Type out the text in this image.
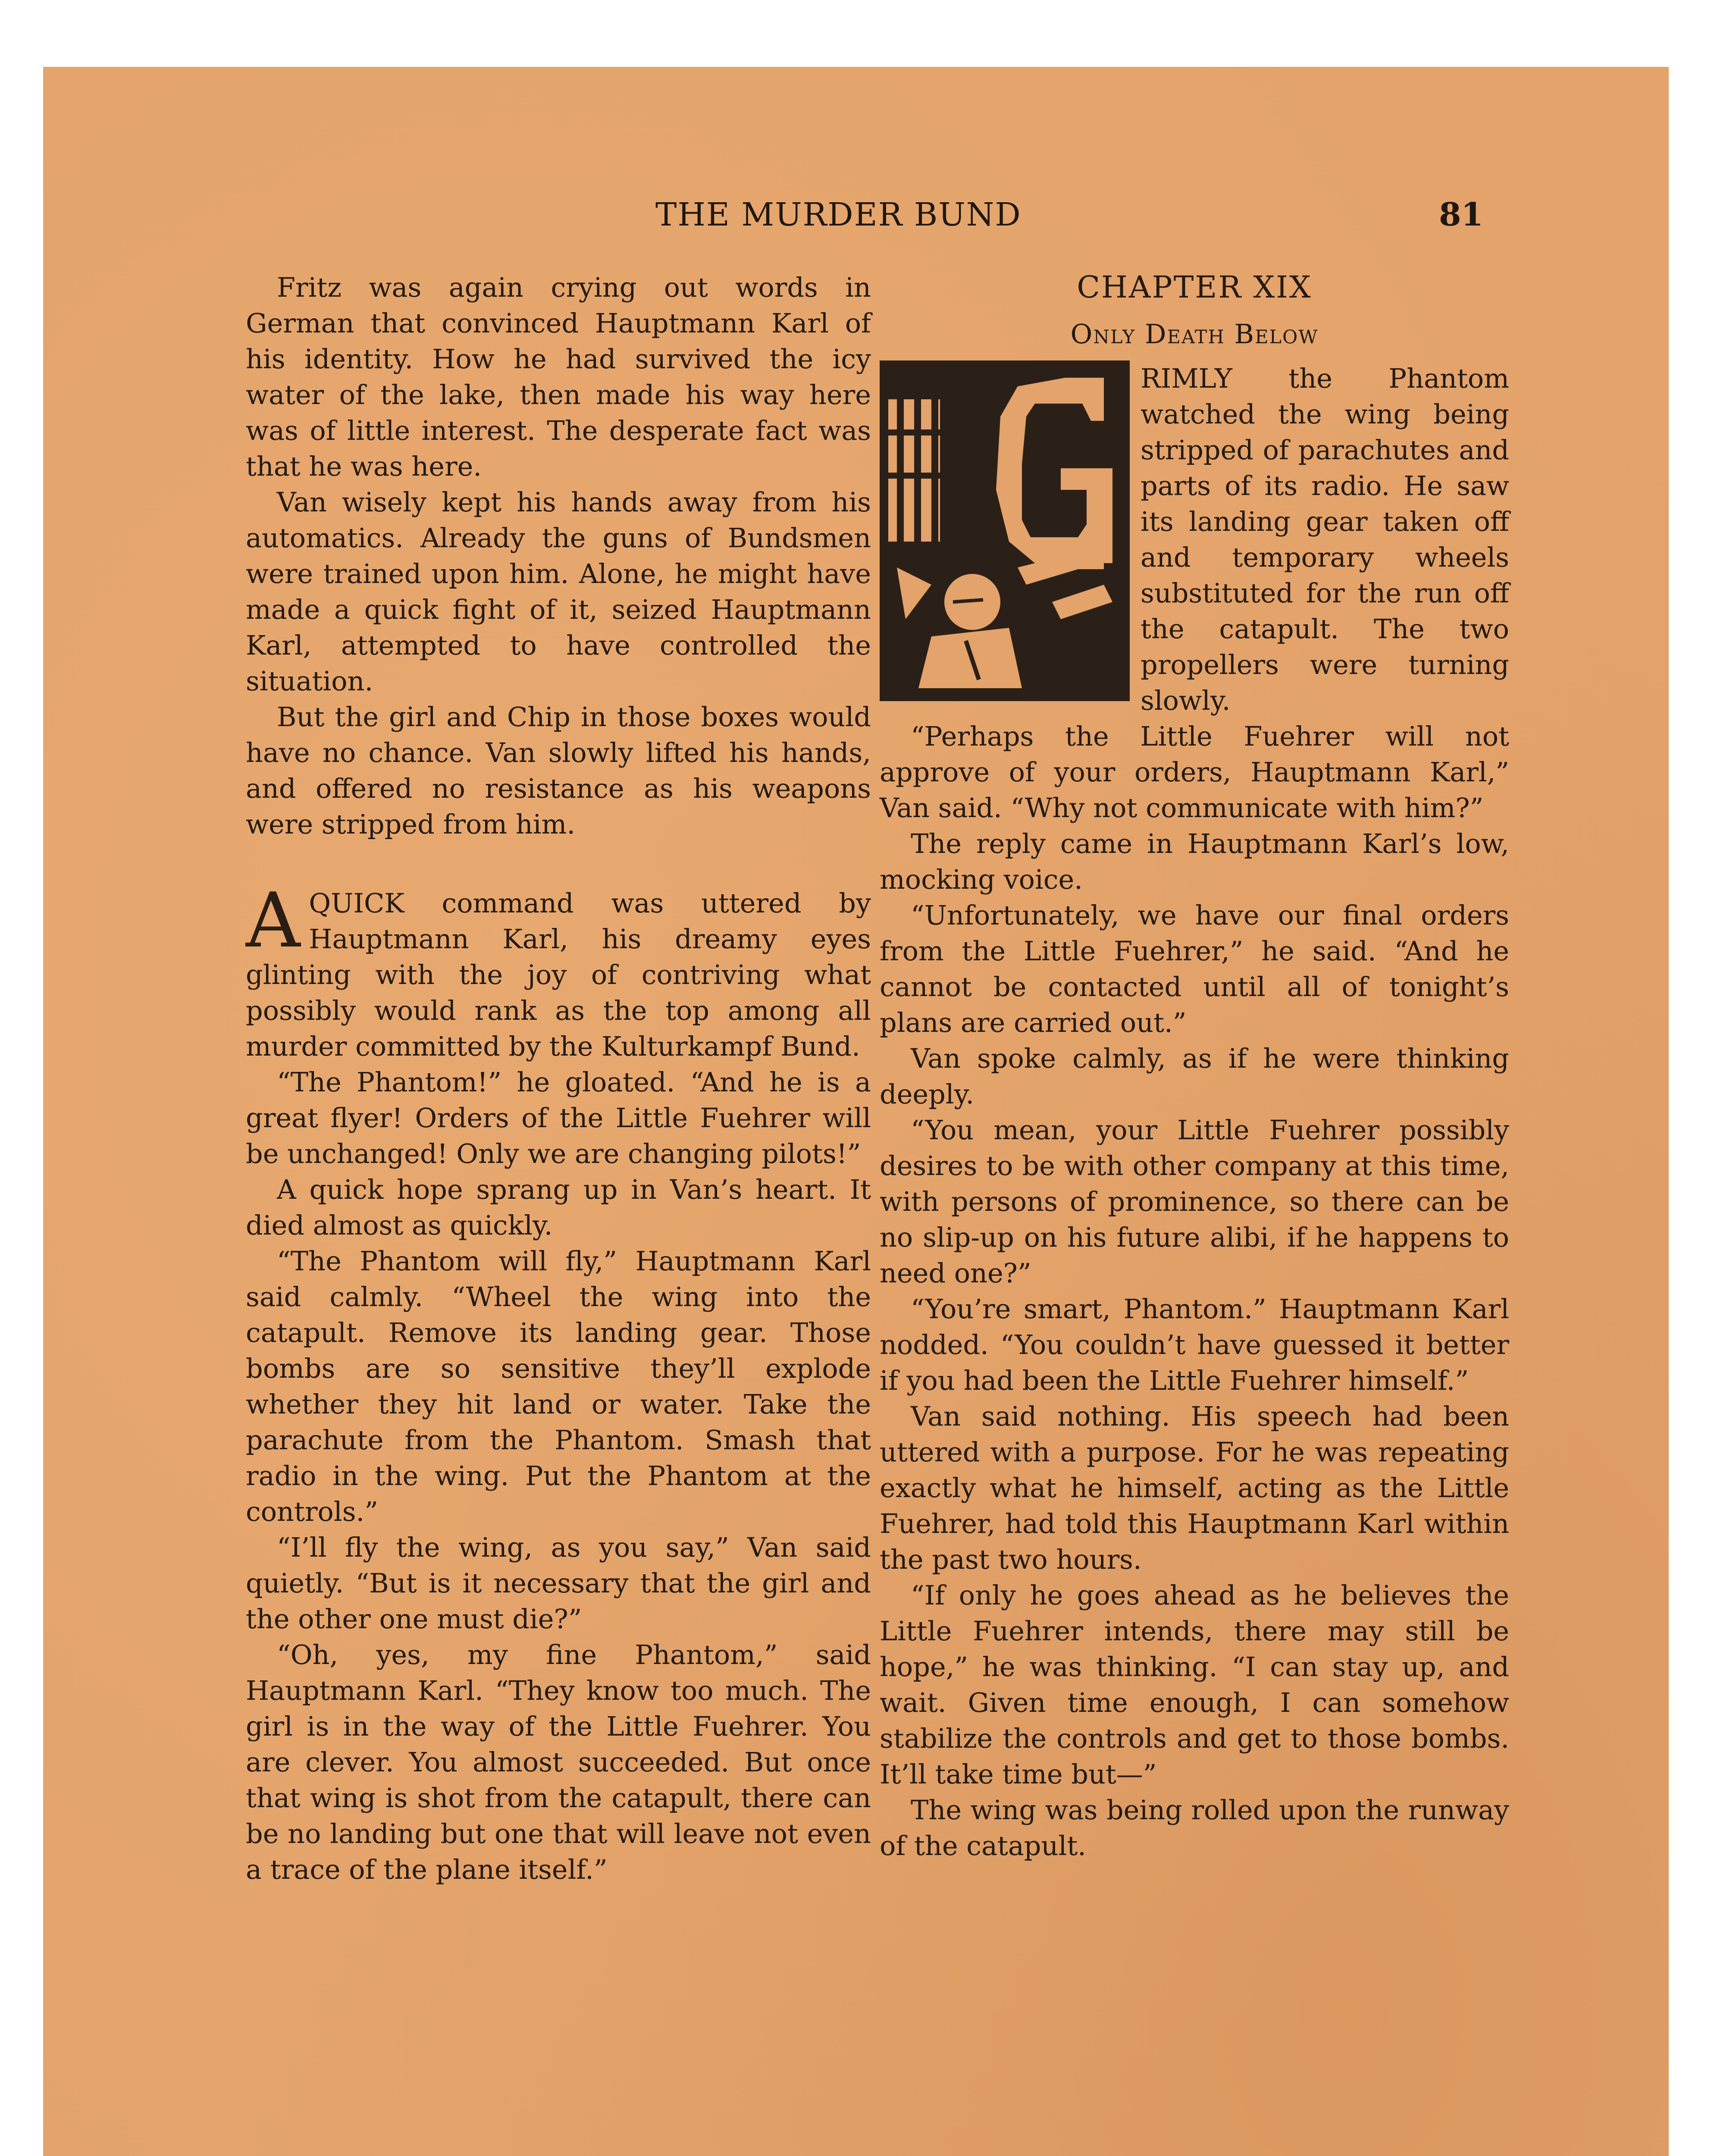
THE MURDER BUND	81

Fritz was again crying out words in German that convinced Hauptmann Karl of his identity. How he had survived the icy water of the lake, then made his way here was of little interest. The desperate fact was that he was here.

Van wisely kept his hands away from his automatics. Already the guns of Bundsmen were trained upon him. Alone, he might have made a quick fight of it, seized Hauptmann Karl, attempted to have controlled the situation.

But the girl and Chip in those boxes would have no chance. Van slowly lifted his hands, and offered no resistance as his weapons were stripped from him.

AQUICK command was uttered by Hauptmann Karl, his dreamy eyes glinting with the joy of contriving what possibly would rank as the top among all murder committed by the Kulturkampf Bund.

“The Phantom!” he gloated. “And he is a great flyer! Orders of the Little Fuehrer will be unchanged! Only we are changing pilots!”

A quick hope sprang up in Van’s heart. It died almost as quickly.

“The Phantom will fly,” Hauptmann Karl said calmly. “Wheel the wing into the catapult. Remove its landing gear. Those bombs are so sensitive they’ll explode whether they hit land or water. Take the parachute from the Phantom. Smash that radio in the wing. Put the Phantom at the controls.”

“I’ll fly the wing, as you say,” Van said quietly. “But is it necessary that the girl and the other one must die?”

“Oh, yes, my fine Phantom,” said Hauptmann Karl. “They know too much. The girl is in the way of the Little Fuehrer. You are clever. You almost succeeded. But once that wing is shot from the catapult, there can be no landing but one that will leave not even a trace of the plane itself.”

CHAPTER XIX
Only Death Below

RIMLY the Phantom watched the wing being stripped of parachutes and parts of its radio. He saw its landing gear taken off and temporary wheels substituted for the run off the catapult. The two propellers were turning slowly.

“Perhaps the Little Fuehrer will not approve of your orders, Hauptmann Karl,” Van said. “Why not communicate with him?”

The reply came in Hauptmann Karl’s low, mocking voice.

“Unfortunately, we have our final orders from the Little Fuehrer,” he said. “And he cannot be contacted until all of tonight’s plans are carried out.”

Van spoke calmly, as if he were thinking deeply.

“You mean, your Little Fuehrer possibly desires to be with other company at this time, with persons of prominence, so there can be no slip-up on his future alibi, if he happens to need one?”

“You’re smart, Phantom.” Hauptmann Karl nodded. “You couldn’t have guessed it better if you had been the Little Fuehrer himself.”

Van said nothing. His speech had been uttered with a purpose. For he was repeating exactly what he himself, acting as the Little Fuehrer, had told this Hauptmann Karl within the past two hours.

“If only he goes ahead as he believes the Little Fuehrer intends, there may still be hope,” he was thinking. “I can stay up, and wait. Given time enough, I can somehow stabilize the controls and get to those bombs. It’ll take time but—”

The wing was being rolled upon the runway of the catapult.
